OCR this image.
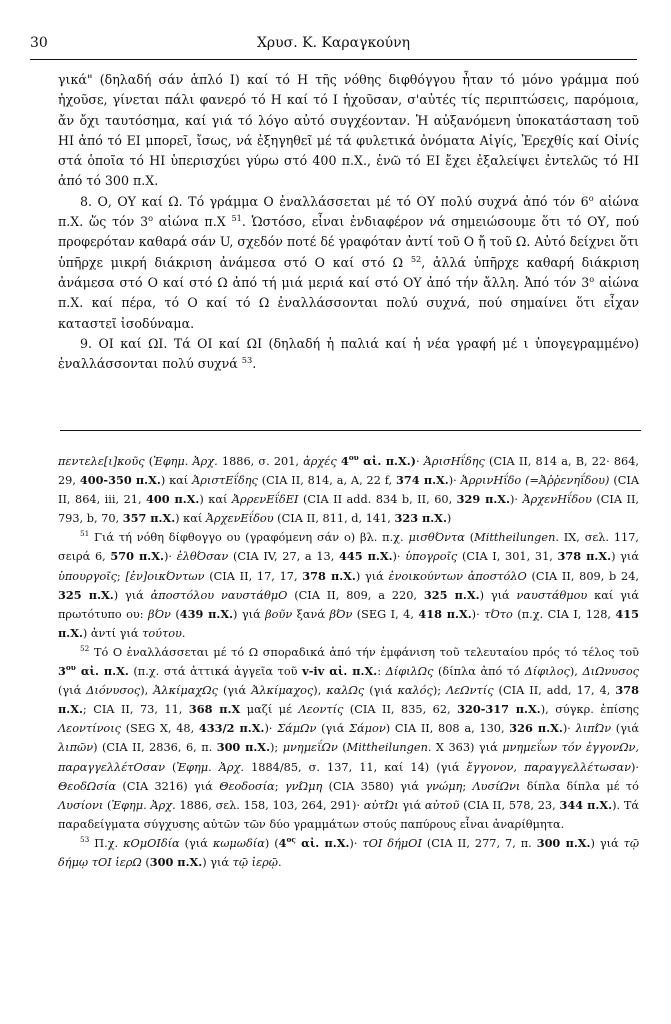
30	Χρυσ. Κ. Καραγκούνη

γικά" (δηλαδή σάν ἁπλό Ι) καί τό Η τῆς νόθης διφθόγγου ἦταν τό μόνο γράμμα πού ἠχοῦσε, γίνεται πάλι φανερό τό Η καί τό Ι ἠχοῦσαν, σ'αὐτές τίς περιπτώσεις, παρόμοια, ἄν ὄχι ταυτόσημα, καί γιά τό λόγο αὐτό συγχέονταν. Ἡ αὐξανόμενη ὑποκατάσταση τοῦ ΗΙ ἀπό τό ΕΙ μπορεῖ, ἴσως, νά ἐξηγηθεῖ μέ τά φυλετικά ὀνόματα Αἰγίς, Ἐρεχθίς καί Οἰνίς στά ὁποῖα τό ΗΙ ὑπερισχύει γύρω στό 400 π.Χ., ἐνῶ τό ΕΙ ἔχει ἐξαλείψει ἐντελῶς τό ΗΙ ἀπό τό 300 π.Χ.

8. Ο, ΟΥ καί Ω. Τό γράμμα Ο ἐναλλάσσεται μέ τό ΟΥ πολύ συχνά ἀπό τόν $6^o$ αἰώνα π.Χ. ὥς τόν $3^o$ αἰώνα π.Χ $^{51}$. Ὡστόσο, εἶναι ἐνδιαφέρον νά σημειώσουμε ὅτι τό ΟΥ, πού προφερόταν καθαρά σάν U, σχεδόν ποτέ δέ γραφόταν ἀντί τοῦ Ο ἤ τοῦ Ω. Αὐτό δείχνει ὅτι ὑπῆρχε μικρή διάκριση ἀνάμεσα στό Ο καί στό Ω $^{52}$, ἀλλά ὑπῆρχε καθαρή διάκριση ἀνάμεσα στό Ο καί στό Ω ἀπό τή μιά μεριά καί στό ΟΥ ἀπό τήν ἄλλη. Ἀπό τόν $3^o$ αἰώνα π.Χ. καί πέρα, τό Ο καί τό Ω ἐναλλάσσονται πολύ συχνά, πού σημαίνει ὅτι εἶχαν καταστεῖ ἰσοδύναμα.

9. ΟΙ καί ΩΙ. Τά ΟΙ καί ΩΙ (δηλαδή ἡ παλιά καί ἡ νέα γραφή μέ ι ὑπογεγραμμένο) ἐναλλάσσονται πολύ συχνά $^{53}$.

πεντελε[ι]κοῦς (Ἐφημ. Ἀρχ. 1886, σ. 201, ἀρχές $4^{o\upsilon}$ αἰ. π.Χ.)· ἈρισΗΐδης (CIA II, 814 a, B, 22· 864, 29, 400-350 π.Χ.) καί ἈριστΕΐδης (CIA II, 814, a, A, 22 f, 374 π.Χ.)· ἈρρινΗΐδο (=Ἀῤῥενηΐδου) (CIA II, 864, iii, 21, 400 π.Χ.) καί ἈρρενΕΐδΕΙ (CIA II add. 834 b, II, 60, 329 π.Χ.)· ἈρχενΗΐδου (CIA II, 793, b, 70, 357 π.Χ.) καί ἈρχενΕΐδου (CIA II, 811, d, 141, 323 π.Χ.)

$^{51}$ Γιά τή νόθη δίφθογγο ου (γραφόμενη σάν ο) βλ. π.χ. μισθΌντα (Mittheilungen. IX, σελ. 117, σειρά 6, 570 π.Χ.)· ἐλθΌσαν (CIA IV, 27, a 13, 445 π.Χ.)· ὑπογροῖς (CIA I, 301, 31, 378 π.Χ.) γιά ὑπουργοῖς; [ἐν]οικΌντων (CIA II, 17, 17, 378 π.Χ.) γιά ἐνοικούντων ἀποστόλΟ (CIA II, 809, b 24, 325 π.Χ.) γιά ἀποστόλου ναυστάθμΟ (CIA II, 809, a 220, 325 π.Χ.) γιά ναυστάθμου καί γιά πρωτότυπο ου: βΌν (439 π.Χ.) γιά βοῦν ξανά βΌν (SEG I, 4, 418 π.Χ.)· τΌτο (π.χ. CIA I, 128, 415 π.Χ.) ἀντί γιά τούτου.

$^{52}$ Τό Ο ἐναλλάσσεται μέ τό Ω σποραδικά ἀπό τήν ἐμφάνιση τοῦ τελευταίου πρός τό τέλος τοῦ $3^{o\upsilon}$ αἰ. π.Χ. (π.χ. στά ἀττικά ἀγγεῖα τοῦ v-iv αἰ. π.Χ.: ΔίφιλΩς (δίπλα ἀπό τό Δίφιλος), ΔιΩνυσος (γιά Διόνυσος), ἈλκίμαχΩς (γιά Ἀλκίμαχος), καλΩς (γιά καλός); ΛεΩντίς (CIA II, add, 17, 4, 378 π.Χ.; CIA II, 73, 11, 368 π.Χ μαζί μέ Λεοντίς (CIA II, 835, 62, 320-317 π.Χ.), σύγκρ. ἐπίσης Λεοντίνοις (SEG X, 48, 433/2 π.Χ.)· ΣάμΩν (γιά Σάμον) CIA II, 808 a, 130, 326 π.Χ.)· λιπΏν (γιά λιπῶν) (CIA II, 2836, 6, π. 300 π.Χ.); μνημεΐΩν (Mittheilungen. X 363) γιά μνημεΐων τόν ἐγγονΩν, παραγγελλέτΟσαν (Ἐφημ. Ἀρχ. 1884/85, σ. 137, 11, καί 14) (γιά ἔγγονον, παραγγελλέτωσαν)· ΘεοδΩσία (CIA 3216) γιά Θεοδοσία; γνΏμη (CIA 3580) γιά γνώμη; ΛυσίΩνι δίπλα δίπλα μέ τό Λυσίονι (Ἐφημ. Ἀρχ. 1886, σελ. 158, 103, 264, 291)· αὐτΏι γιά αὐτοῦ (CIA II, 578, 23, 344 π.Χ.). Τά παραδείγματα σύγχυσης αὐτῶν τῶν δύο γραμμάτων στούς παπύρους εἶναι ἀναρίθμητα.

$^{53}$ Π.χ. κΟμΟΙδία (γιά κωμωδία) ($4^{o\varsigma}$ αἰ. π.Χ.)· τΟΙ δήμΟΙ (CIA II, 277, 7, π. 300 π.Χ.) γιά τῷ δήμῳ τΟΙ ἱερΩ (300 π.Χ.) γιά τῷ ἱερῷ.
